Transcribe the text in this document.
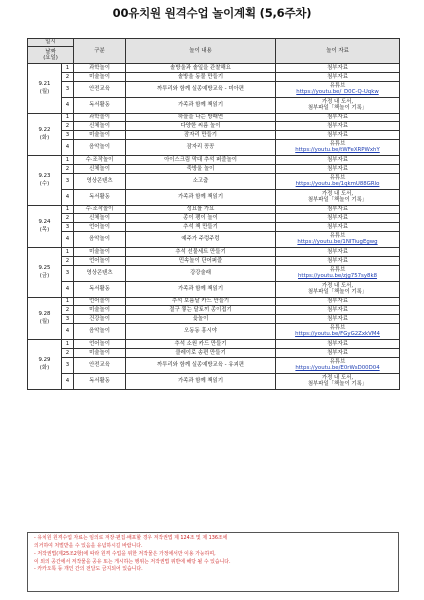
00유치원 원격수업 놀이계획 (5,6주차)
일시		구분	놀이 내용	놀이 자료

날짜
(요일)				

9.21
(월)	1	과학놀이	솔방울과 솔잎을 관찰해요	첨부자료

	2	미술놀이	솔방울 동물 만들기	첨부자료

	3	안전교육	까투리와 함께 실종예방교육 - 미아편	유튜브
https://youtu.be/_D0C-Q-Uqkw

	4	독서활동	가족과 함께 책읽기	가정 내 도서,
첨부파일「책놀이 기록」

9.22
(화)	1	과학놀이	하늘을 나는 방패연	첨부자료

	2	신체놀이	다양한 씨름 놀이	첨부자료

	3	미술놀이	잠자리 만들기	첨부자료

	4	음악놀이	잠자리 꽁꽁	유튜브
https://youtu.be/tWFeXRPWxhY

9.23
(수)	1	수·조작놀이	아이스크림 막대 추석 퍼즐놀이	첨부자료

	2	신체놀이	죽방울 놀이	첨부자료

	3	영상콘텐츠	소고춤	유튜브
https://youtu.be/1qkmU88GRlo

	4	독서활동	가족과 함께 책읽기	가정 내 도서,
첨부파일「책놀이 기록」

9.24
(목)	1	수·조작놀이	성묘를 가요	첨부자료

	2	신체놀이	종이 팽이 놀이	첨부자료

	3	언어놀이	추석 책 만들기	첨부자료

	4	음악놀이	예주가 주렁주렁	유튜브
https://youtu.be/1NITiugEgwg

9.25
(금)	1	미술놀이	추석 선물세트 만들기	첨부자료

	2	언어놀이	민속놀이 단어퍼즐	첨부자료

	3	영상콘텐츠	강강술래	유튜브
https://youtu.be/zjg757sy8k8

	4	독서활동	가족과 함께 책읽기	가정 내 도서,
첨부파일「책놀이 기록」

9.28
(월)	1	언어놀이	추석 보름달 카드 만들기	첨부자료

	2	미술놀이	절구 찧는 달토끼 종이접기	첨부자료

	3	건강놀이	윷놀이	첨부자료

	4	음악놀이	오동동 흥시야	유튜브
https://youtu.be/FGyG2ZxkVM4

9.29
(화)	1	언어놀이	추석 소원 카드 만들기	첨부자료

	2	미술놀이	클레이로 송편 만들기	첨부자료

	3	안전교육	까투리와 함께 실종예방교육 - 유괴편	유튜브
https://youtu.be/E0rWsD00D04

	4	독서활동	가족과 함께 책읽기	가정 내 도서,
첨부파일「책놀이 기록」

- 유치원 원격수업 자료는 임의로 저장·편집·배포할 경우 저작권법 제 124조 및 제 136조에

의거하여 처벌받을 수 있음을 유념하시길 바랍니다.

- 저작권법(제25조2항)에 따라 원격 수업을 위한 저작물은 가정에서만 이용 가능하며,

이 외의 공간에서 저작물을 공유 또는 게시하는 행위는 저작권법 위반에 해당 될 수 있습니다.

- 카카오톡 등 개인 간의 전달도 금지되어 있습니다.
